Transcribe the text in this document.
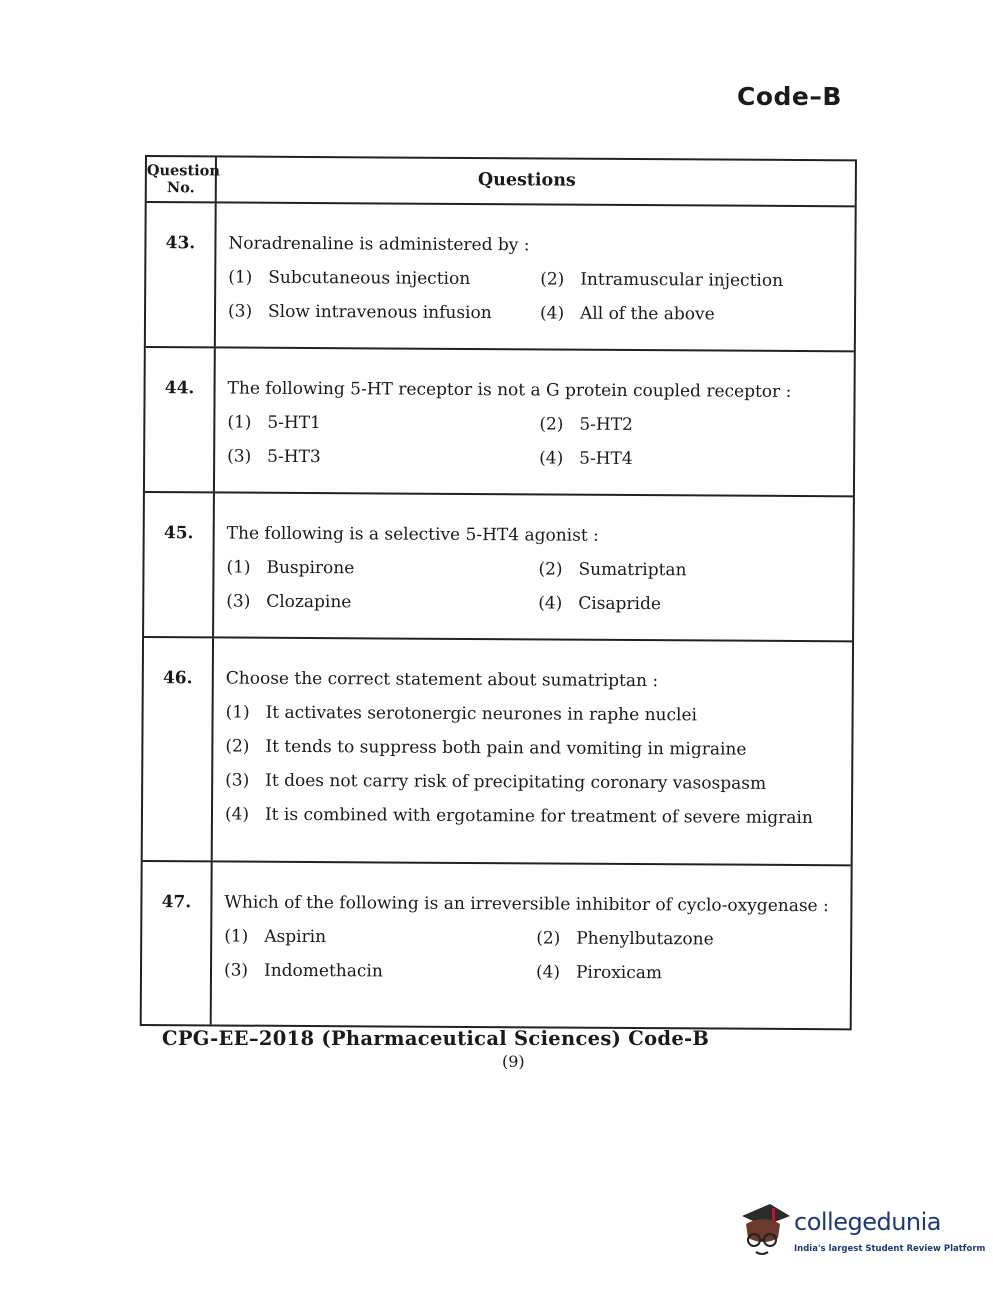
Code–B
Question
No.	Questions
43.	Noradrenaline is administered by :
(1) Subcutaneous injection	(2) Intramuscular injection
(3) Slow intravenous infusion	(4) All of the above
44.	The following 5-HT receptor is not a G protein coupled receptor :
(1) 5-HT1	(2) 5-HT2
(3) 5-HT3	(4) 5-HT4
45.	The following is a selective 5-HT4 agonist :
(1) Buspirone	(2) Sumatriptan
(3) Clozapine	(4) Cisapride
46.	Choose the correct statement about sumatriptan :
(1) It activates serotonergic neurones in raphe nuclei
(2) It tends to suppress both pain and vomiting in migraine
(3) It does not carry risk of precipitating coronary vasospasm
(4) It is combined with ergotamine for treatment of severe migrain
47.	Which of the following is an irreversible inhibitor of cyclo-oxygenase :
(1) Aspirin	(2) Phenylbutazone
(3) Indomethacin	(4) Piroxicam
CPG-EE–2018 (Pharmaceutical Sciences) Code-B
(9)
collegedunia
India's largest Student Review Platform
